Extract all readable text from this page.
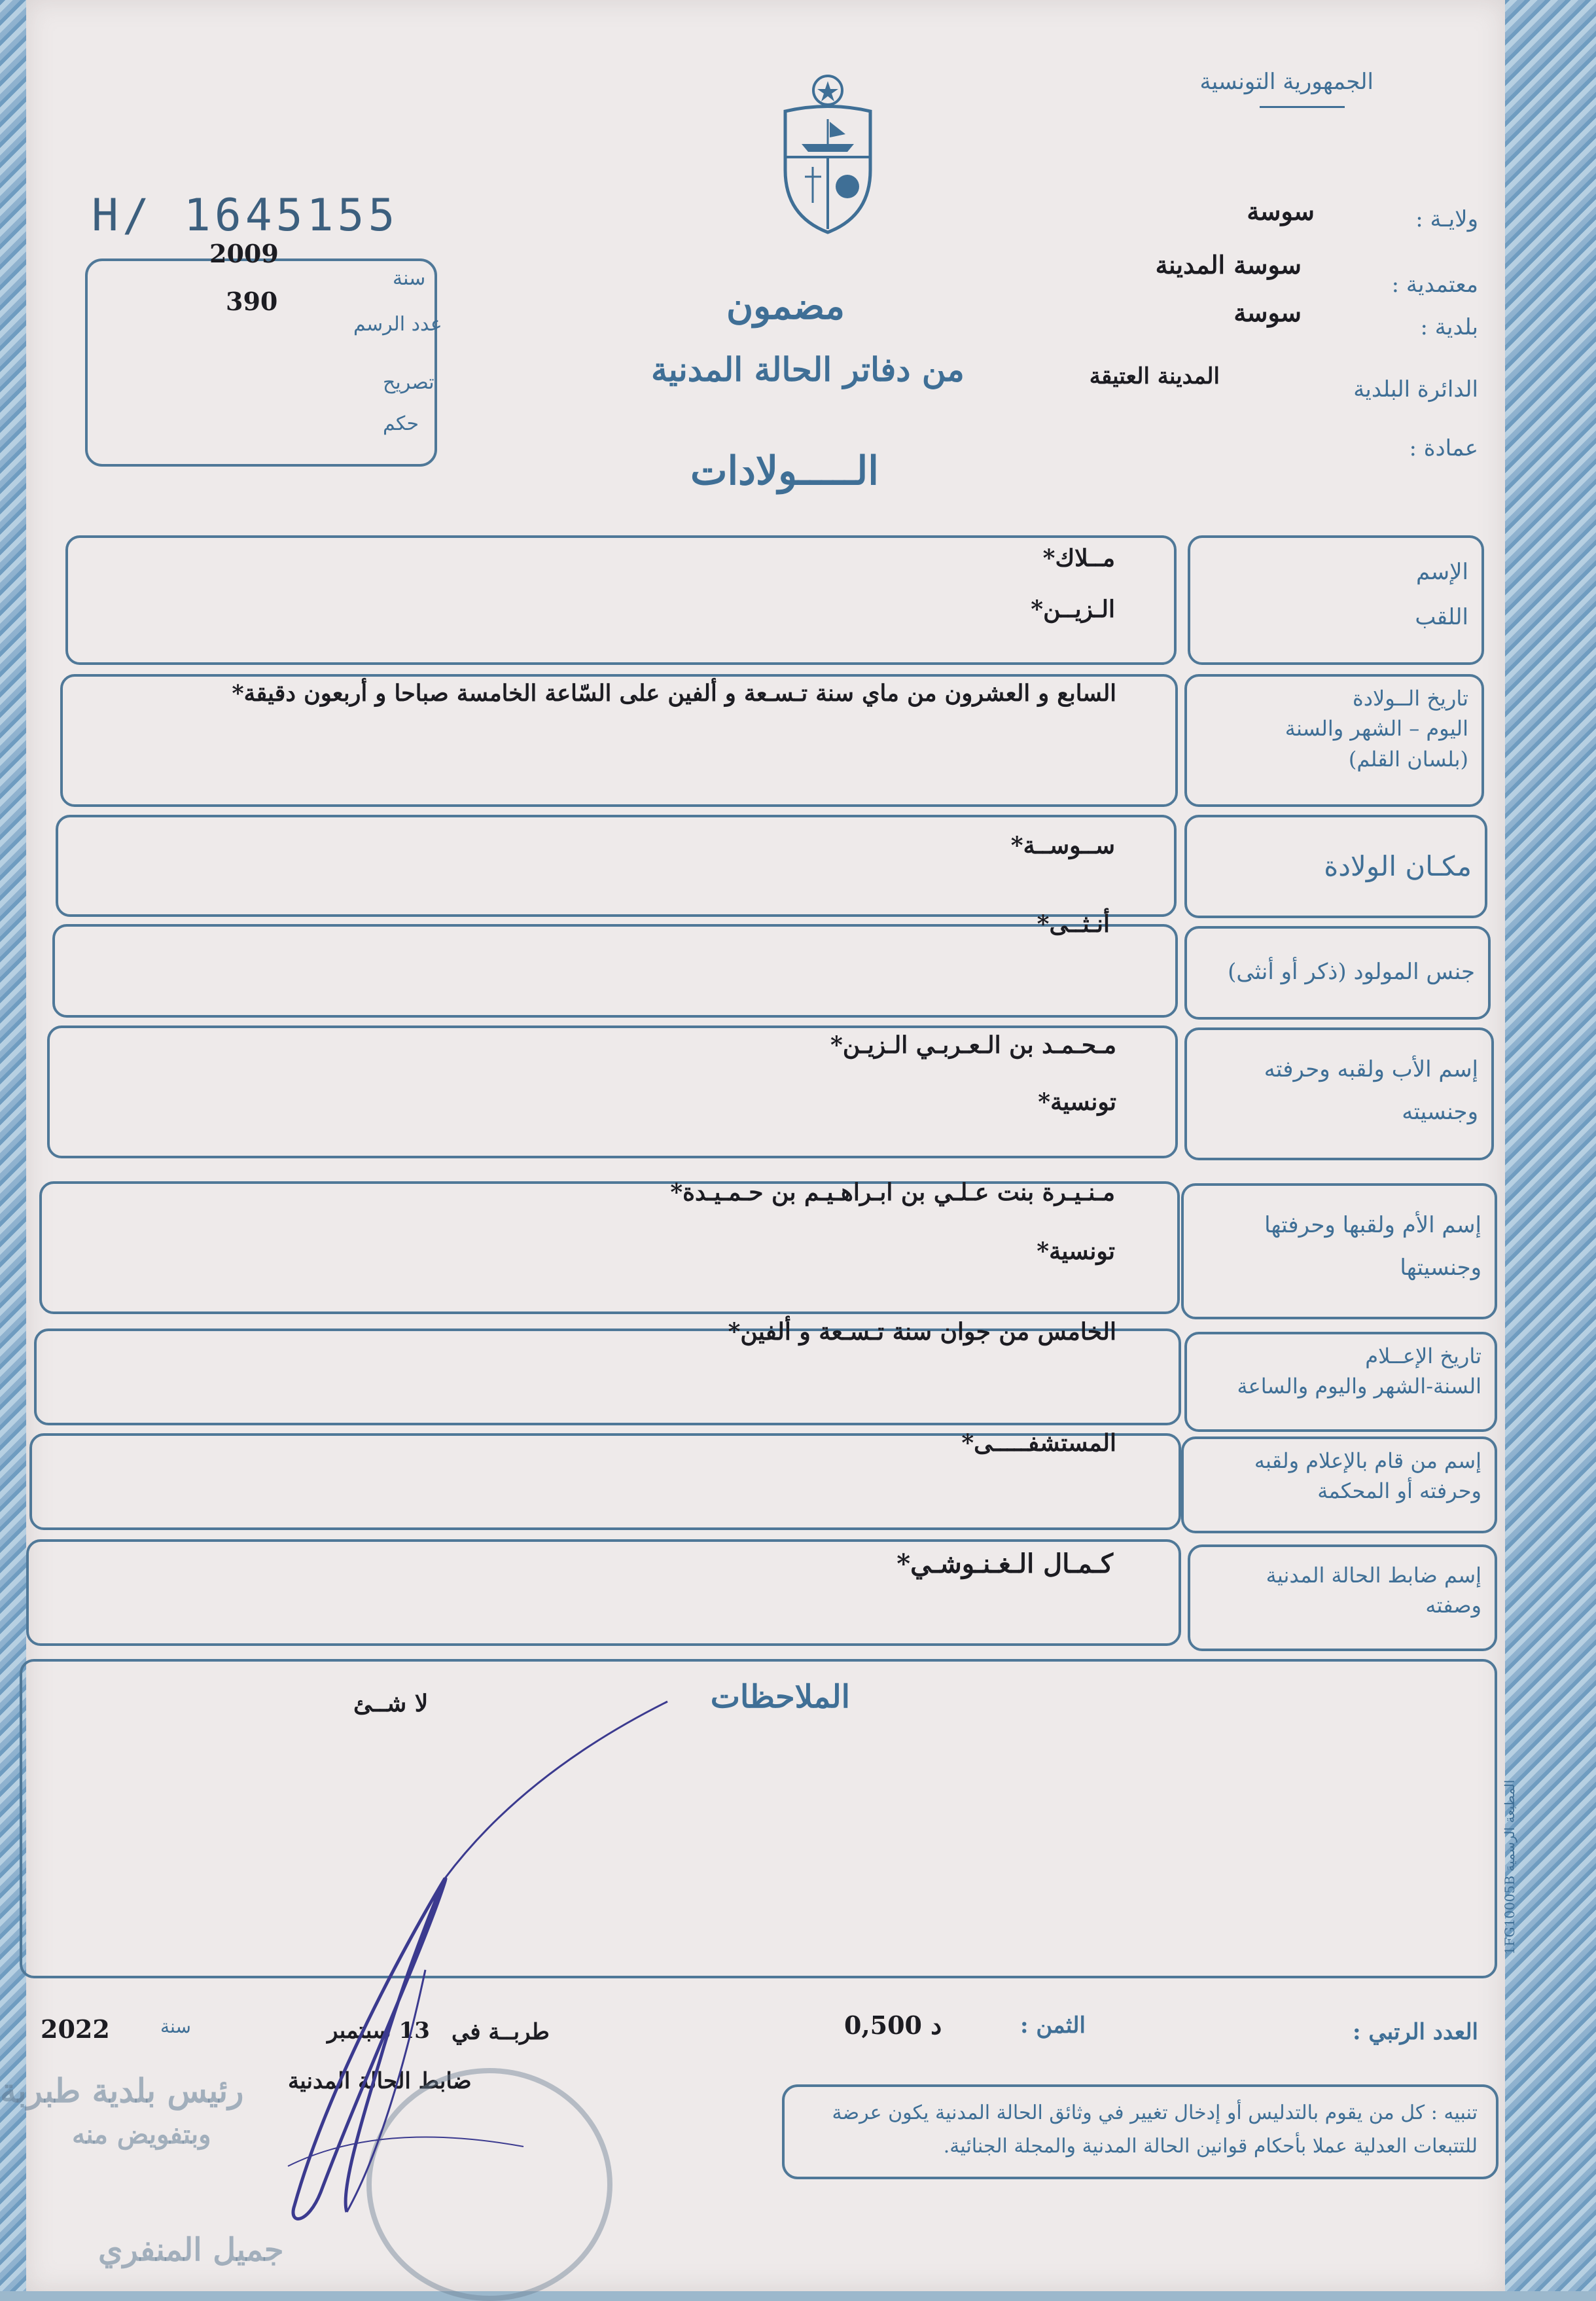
الجمهورية التونسية
H/ 1645155	ولايـة :
سوسة
معتمدية :
سوسة المدينة
بلدية :
سوسة
الدائرة البلدية
المدينة العتيقة
عمادة :
سنة
2009
عدد الرسم
390
تصريح
حكم
مضمون
من دفاتر الحالة المدنية
الـــــولادات
الإسم
اللقب
مــلاك*
الـزيــن*
تاريخ الــولادة
اليوم – الشهر والسنة
(بلسان القلم)
السابع و العشرون من ماي سنة تـسـعة و ألفين على السّاعة الخامسة صباحا و أربعون دقيقة*
مكـان الولادة
ســوســة*
جنس المولود (ذكر أو أنثى)
أنـثــى*
إسم الأب ولقبه وحرفته
وجنسيته
مـحـمـد بن الـعـربـي الـزيـن*
تونسية*
إسم الأم ولقبها وحرفتها
وجنسيتها
مـنـيـرة بنت عـلـي بن ابـراهـيـم بن حـمـيـدة*
تونسية*
تاريخ الإعــلام
السنة-الشهر واليوم والساعة
الخامس من جوان سنة تـسـعة و ألفين*
إسم من قام بالإعلام ولقبه
وحرفته أو المحكمة
المستشفـــــى*
إسم ضابط الحالة المدنية
وصفته
كـمـال الـغـنـوشـي*
الملاحظات
لا شــئ
المطبعة الرسمية 1FG10005B
العدد الرتبي :
الثمن :
0,500 د
طربــة في
13 سبتمبر
سنة
2022
ضابط الحالة المدنية
تنبيه : كل من يقوم بالتدليس أو إدخال تغيير في وثائق الحالة المدنية يكون عرضة
للتتبعات العدلية عملا بأحكام قوانين الحالة المدنية والمجلة الجنائية.
رئيس بلدية طبربة
وبتفويض منه
جميل المنفري
